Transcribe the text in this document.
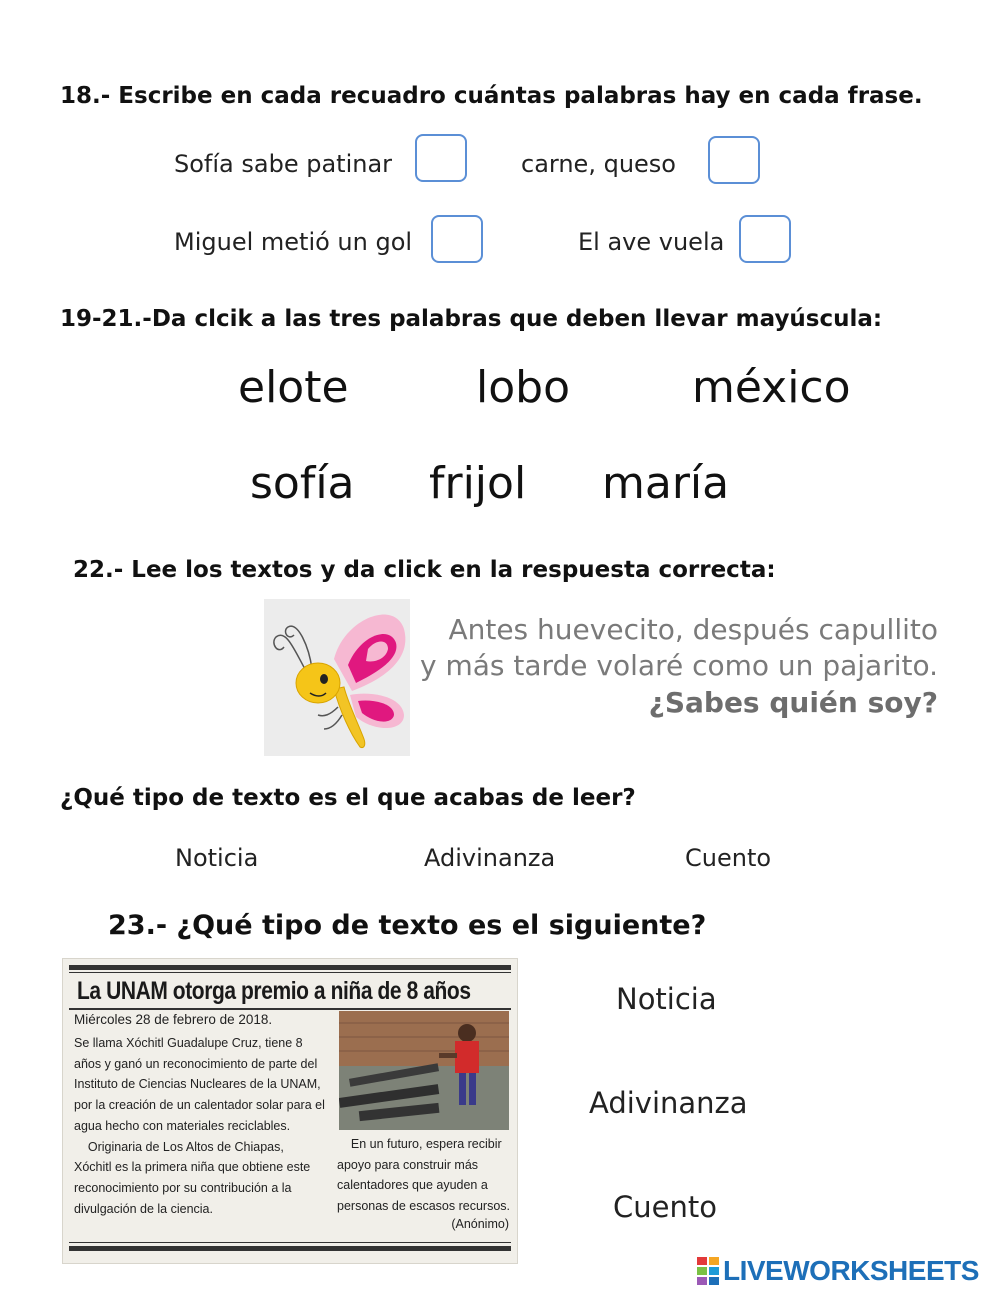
18.- Escribe en cada recuadro cuántas palabras hay en cada frase.
Sofía sabe patinar	carne, queso
Miguel metió un gol	El ave vuela
19-21.-Da clcik a las tres palabras que deben llevar mayúscula:
elote	lobo	méxico
sofía frijol maría
22.- Lee los textos y da click en la respuesta correcta:
Antes huevecito, después capullito
y más tarde volaré como un pajarito.
¿Sabes quién soy?
¿Qué tipo de texto es el que acabas de leer?
Noticia	Adivinanza	Cuento
23.- ¿Qué tipo de texto es el siguiente?
La UNAM otorga premio a niña de 8 años
Miércoles 28 de febrero de 2018.
Se llama Xóchitl Guadalupe Cruz, tiene 8
años y ganó un reconocimiento de parte del
Instituto de Ciencias Nucleares de la UNAM,
por la creación de un calentador solar para el
agua hecho con materiales reciclables.
Originaria de Los Altos de Chiapas,
Xóchitl es la primera niña que obtiene este
reconocimiento por su contribución a la
divulgación de la ciencia.
En un futuro, espera recibir
apoyo para construir más
calentadores que ayuden a
personas de escasos recursos.
(Anónimo)
Noticia
Adivinanza
Cuento
LIVEWORKSHEETS
